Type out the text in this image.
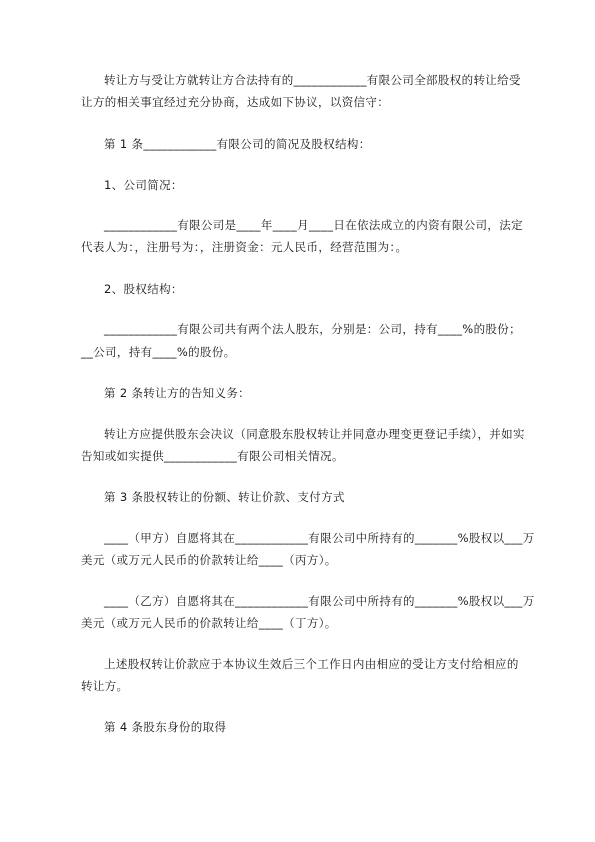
转让方与受让方就转让方合法持有的____________有限公司全部股权的转让给受
让方的相关事宜经过充分协商，达成如下协议，以资信守：
第 1 条____________有限公司的简况及股权结构：
1、公司简况：
____________有限公司是____年____月____日在依法成立的内资有限公司，法定
代表人为：，注册号为：，注册资金：元人民币，经营范围为：。
2、股权结构：
____________有限公司共有两个法人股东，分别是：公司，持有____%的股份；
__公司，持有____%的股份。
第 2 条转让方的告知义务：
转让方应提供股东会决议（同意股东股权转让并同意办理变更登记手续），并如实
告知或如实提供____________有限公司相关情况。
第 3 条股权转让的份额、转让价款、支付方式
____（甲方）自愿将其在____________有限公司中所持有的_______%股权以___万
美元（或万元人民币的价款转让给____（丙方）。
____（乙方）自愿将其在____________有限公司中所持有的_______%股权以___万
美元（或万元人民币的价款转让给____（丁方）。
上述股权转让价款应于本协议生效后三个工作日内由相应的受让方支付给相应的
转让方。
第 4 条股东身份的取得
